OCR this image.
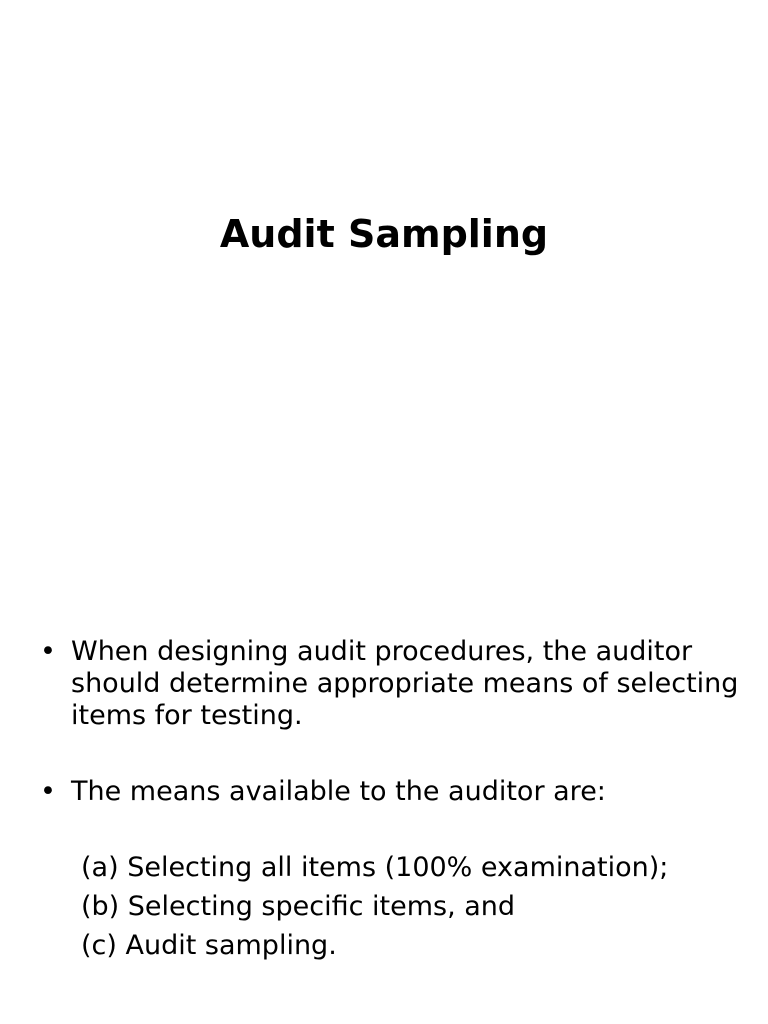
Audit Sampling
• When designing audit procedures, the auditor should determine appropriate means of selecting items for testing.
• The means available to the auditor are:
(a) Selecting all items (100% examination);
(b) Selecting specific items, and
(c) Audit sampling.
